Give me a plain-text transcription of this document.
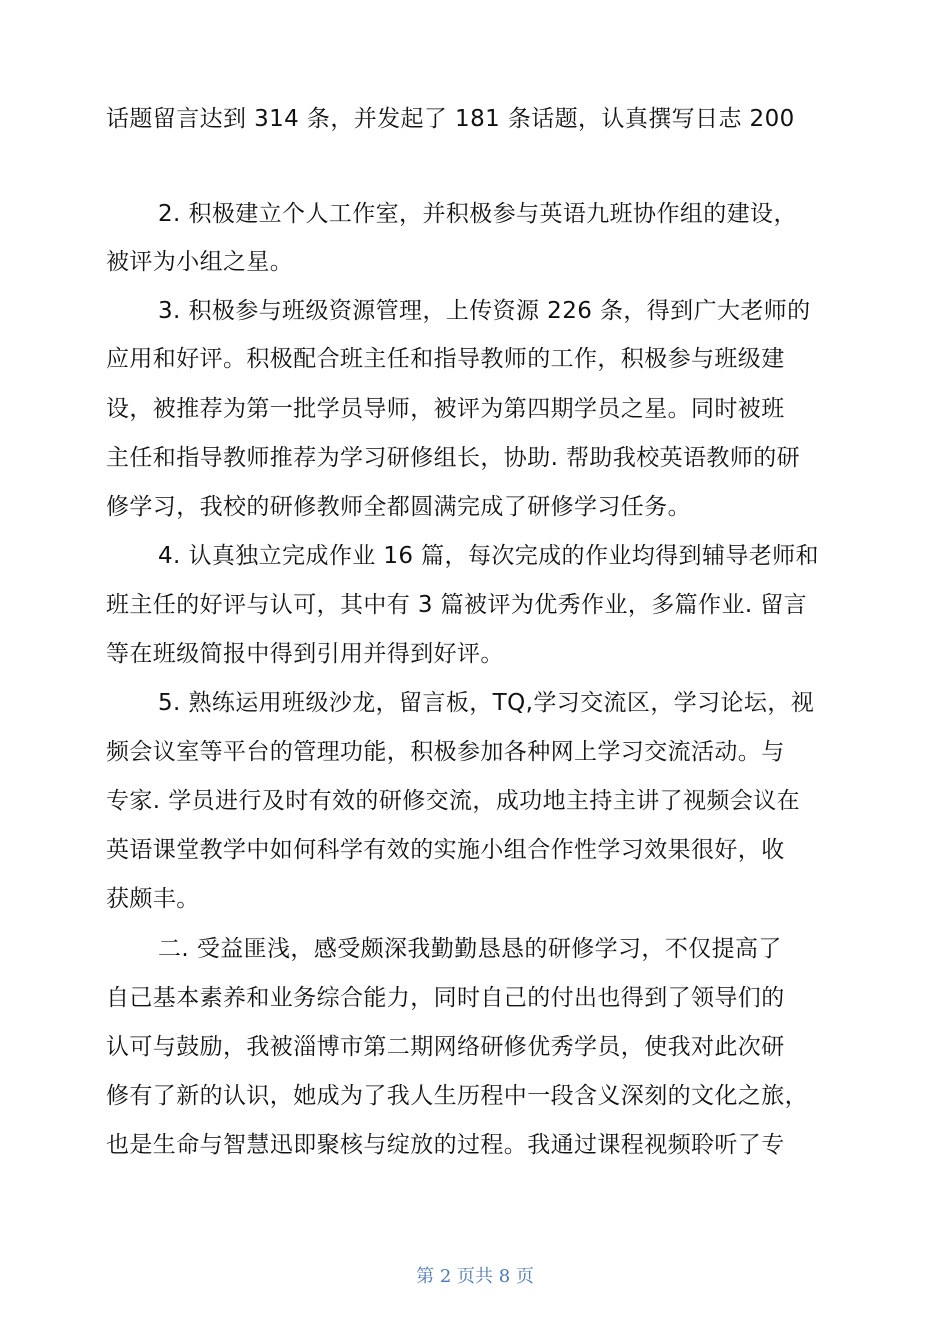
话题留言达到 314 条，并发起了 181 条话题，认真撰写日志 200
2. 积极建立个人工作室，并积极参与英语九班协作组的建设，
被评为小组之星。
3. 积极参与班级资源管理，上传资源 226 条，得到广大老师的
应用和好评。积极配合班主任和指导教师的工作，积极参与班级建
设，被推荐为第一批学员导师，被评为第四期学员之星。同时被班
主任和指导教师推荐为学习研修组长，协助. 帮助我校英语教师的研
修学习，我校的研修教师全都圆满完成了研修学习任务。
4. 认真独立完成作业 16 篇，每次完成的作业均得到辅导老师和
班主任的好评与认可，其中有 3 篇被评为优秀作业，多篇作业. 留言
等在班级简报中得到引用并得到好评。
5. 熟练运用班级沙龙，留言板，TQ,学习交流区，学习论坛，视
频会议室等平台的管理功能，积极参加各种网上学习交流活动。与
专家. 学员进行及时有效的研修交流，成功地主持主讲了视频会议在
英语课堂教学中如何科学有效的实施小组合作性学习效果很好，收
获颇丰。
二. 受益匪浅，感受颇深我勤勤恳恳的研修学习，不仅提高了
自己基本素养和业务综合能力，同时自己的付出也得到了领导们的
认可与鼓励，我被淄博市第二期网络研修优秀学员，使我对此次研
修有了新的认识，她成为了我人生历程中一段含义深刻的文化之旅，
也是生命与智慧迅即聚核与绽放的过程。我通过课程视频聆听了专
第 2 页共 8 页
